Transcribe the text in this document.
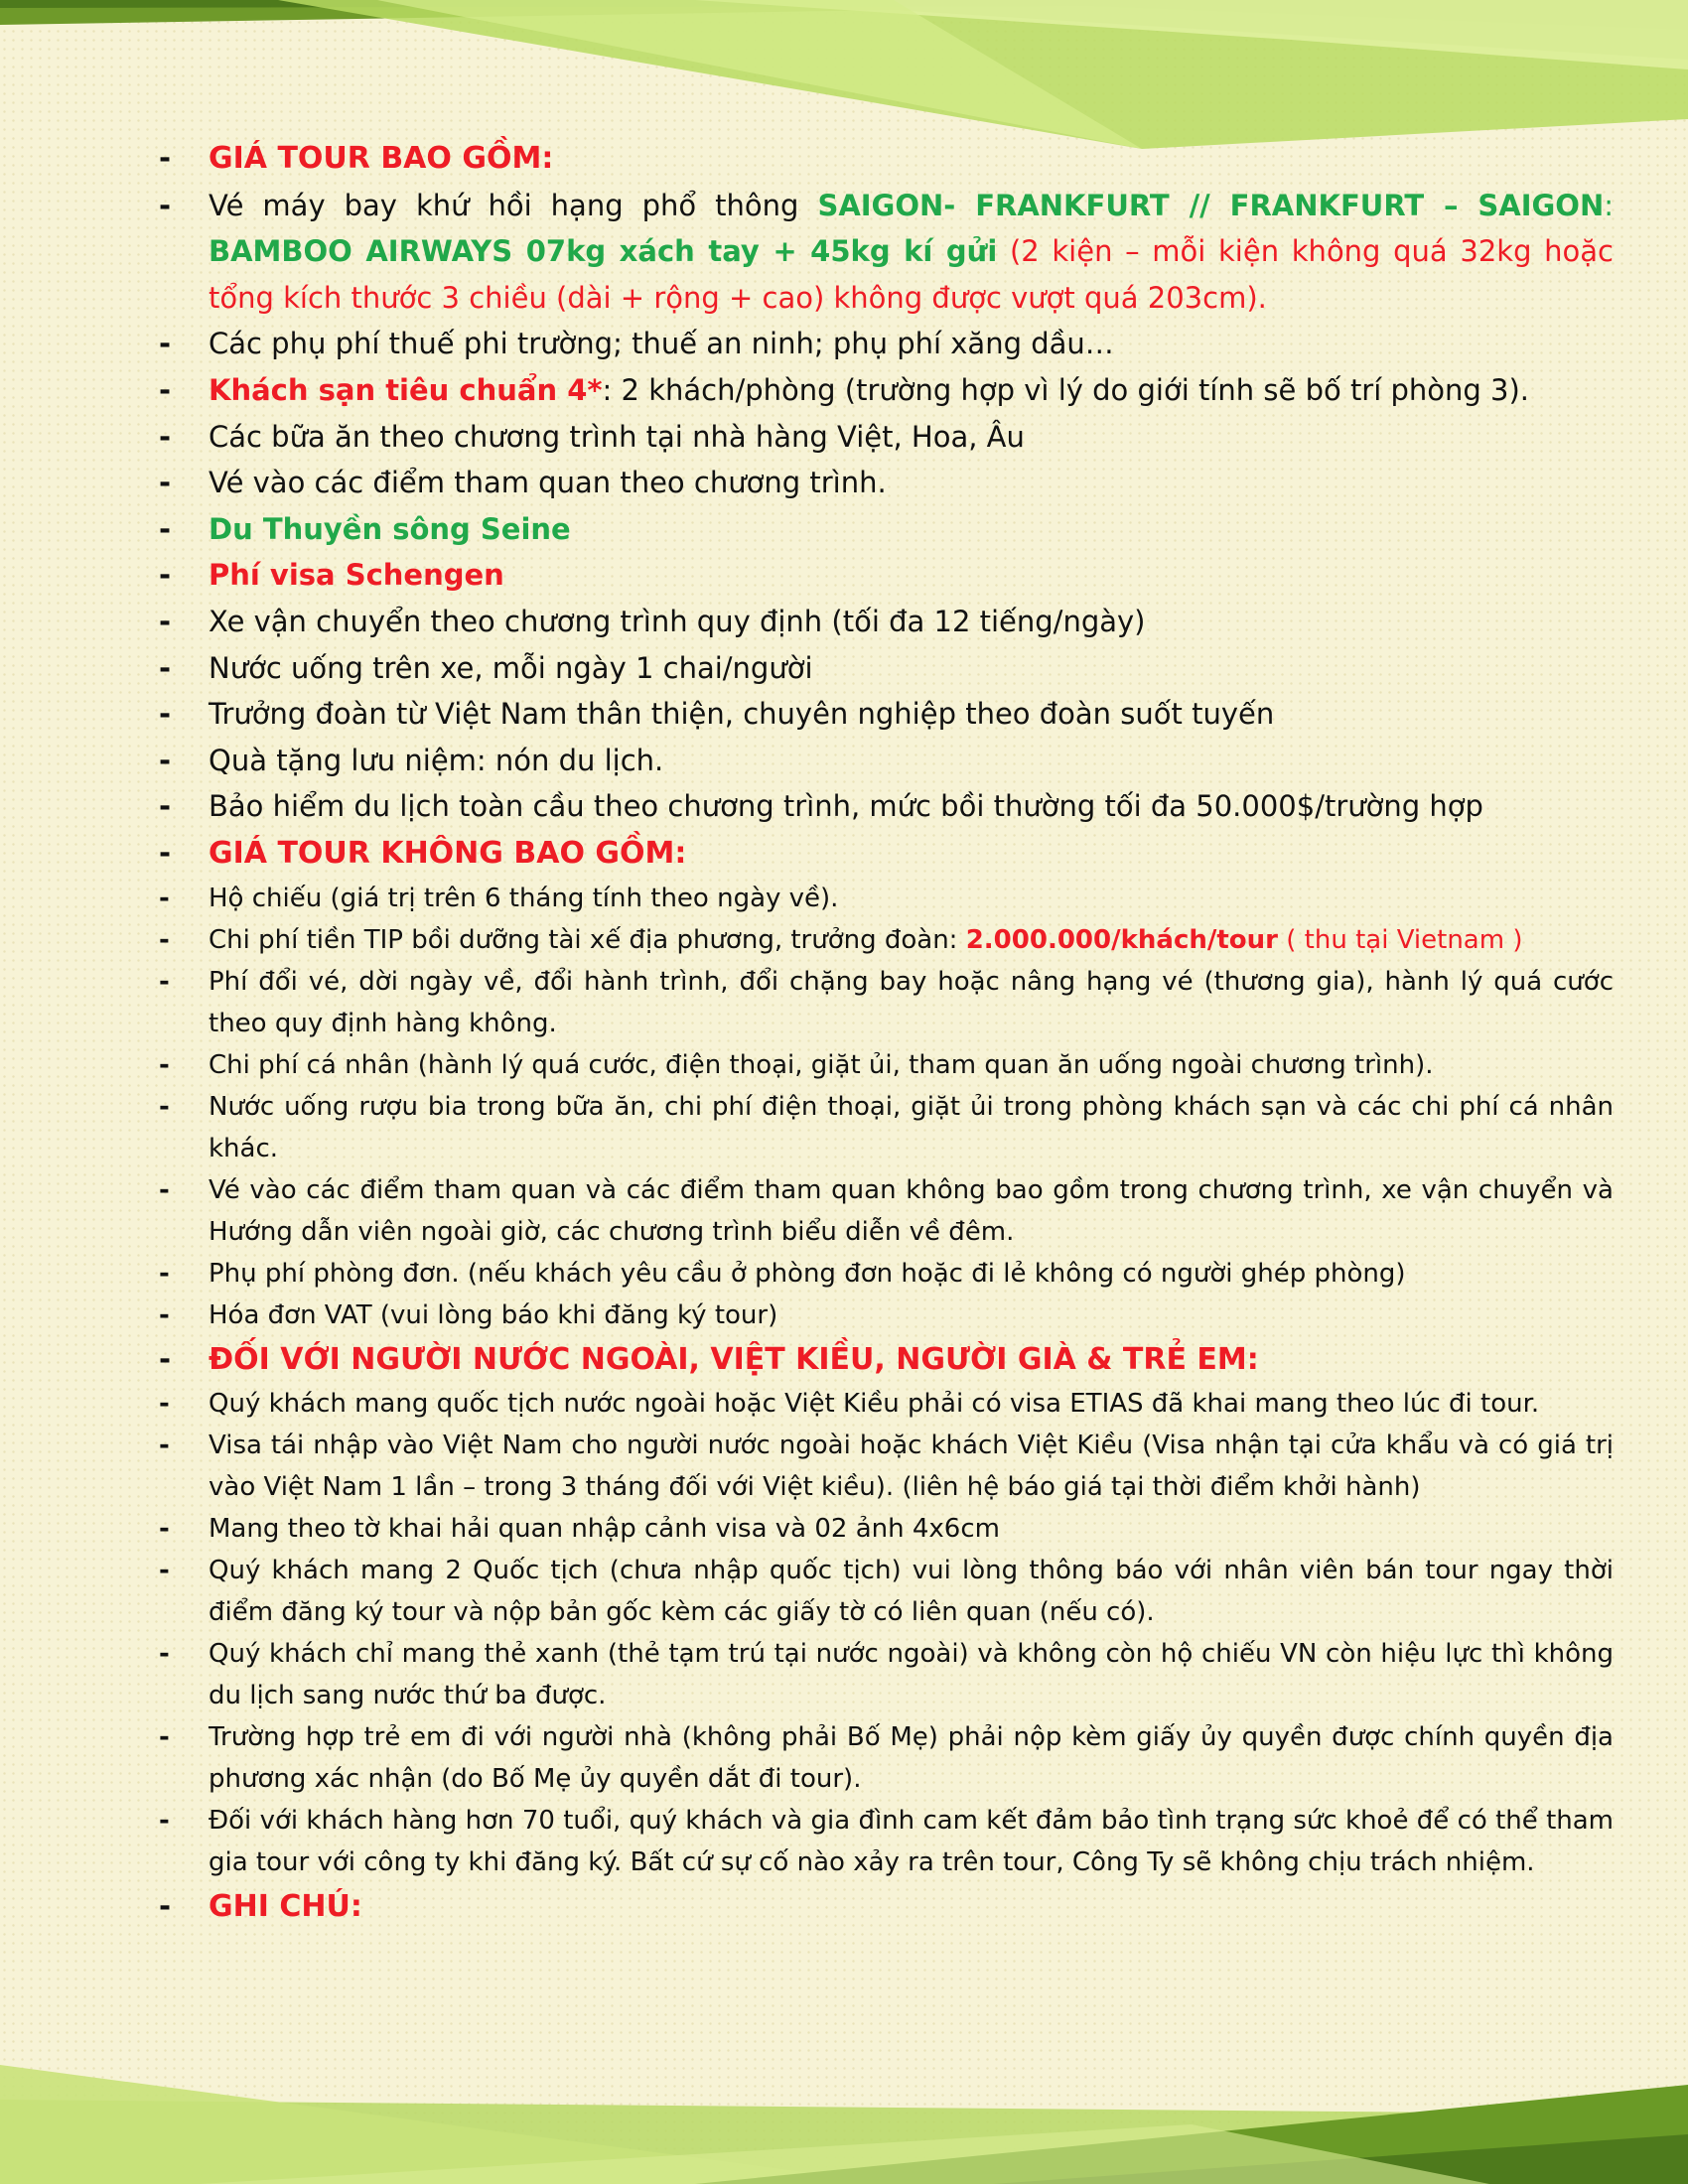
- GIÁ TOUR BAO GỒM:
- Vé máy bay khứ hồi hạng phổ thông SAIGON- FRANKFURT // FRANKFURT – SAIGON: BAMBOO AIRWAYS 07kg xách tay + 45kg kí gửi (2 kiện – mỗi kiện không quá 32kg hoặc tổng kích thước 3 chiều (dài + rộng + cao) không được vượt quá 203cm).
- Các phụ phí thuế phi trường; thuế an ninh; phụ phí xăng dầu…
- Khách sạn tiêu chuẩn 4*: 2 khách/phòng (trường hợp vì lý do giới tính sẽ bố trí phòng 3).
- Các bữa ăn theo chương trình tại nhà hàng Việt, Hoa, Âu
- Vé vào các điểm tham quan theo chương trình.
- Du Thuyền sông Seine
- Phí visa Schengen
- Xe vận chuyển theo chương trình quy định (tối đa 12 tiếng/ngày)
- Nước uống trên xe, mỗi ngày 1 chai/người
- Trưởng đoàn từ Việt Nam thân thiện, chuyên nghiệp theo đoàn suốt tuyến
- Quà tặng lưu niệm: nón du lịch.
- Bảo hiểm du lịch toàn cầu theo chương trình, mức bồi thường tối đa 50.000$/trường hợp
- GIÁ TOUR KHÔNG BAO GỒM:
- Hộ chiếu (giá trị trên 6 tháng tính theo ngày về).
- Chi phí tiền TIP bồi dưỡng tài xế địa phương, trưởng đoàn: 2.000.000/khách/tour ( thu tại Vietnam )
- Phí đổi vé, dời ngày về, đổi hành trình, đổi chặng bay hoặc nâng hạng vé (thương gia), hành lý quá cước theo quy định hàng không.
- Chi phí cá nhân (hành lý quá cước, điện thoại, giặt ủi, tham quan ăn uống ngoài chương trình).
- Nước uống rượu bia trong bữa ăn, chi phí điện thoại, giặt ủi trong phòng khách sạn và các chi phí cá nhân khác.
- Vé vào các điểm tham quan và các điểm tham quan không bao gồm trong chương trình, xe vận chuyển và Hướng dẫn viên ngoài giờ, các chương trình biểu diễn về đêm.
- Phụ phí phòng đơn. (nếu khách yêu cầu ở phòng đơn hoặc đi lẻ không có người ghép phòng)
- Hóa đơn VAT (vui lòng báo khi đăng ký tour)
- ĐỐI VỚI NGƯỜI NƯỚC NGOÀI, VIỆT KIỀU, NGƯỜI GIÀ & TRẺ EM:
- Quý khách mang quốc tịch nước ngoài hoặc Việt Kiều phải có visa ETIAS đã khai mang theo lúc đi tour.
- Visa tái nhập vào Việt Nam cho người nước ngoài hoặc khách Việt Kiều (Visa nhận tại cửa khẩu và có giá trị vào Việt Nam 1 lần – trong 3 tháng đối với Việt kiều). (liên hệ báo giá tại thời điểm khởi hành)
- Mang theo tờ khai hải quan nhập cảnh visa và 02 ảnh 4x6cm
- Quý khách mang 2 Quốc tịch (chưa nhập quốc tịch) vui lòng thông báo với nhân viên bán tour ngay thời điểm đăng ký tour và nộp bản gốc kèm các giấy tờ có liên quan (nếu có).
- Quý khách chỉ mang thẻ xanh (thẻ tạm trú tại nước ngoài) và không còn hộ chiếu VN còn hiệu lực thì không du lịch sang nước thứ ba được.
- Trường hợp trẻ em đi với người nhà (không phải Bố Mẹ) phải nộp kèm giấy ủy quyền được chính quyền địa phương xác nhận (do Bố Mẹ ủy quyền dắt đi tour).
- Đối với khách hàng hơn 70 tuổi, quý khách và gia đình cam kết đảm bảo tình trạng sức khoẻ để có thể tham gia tour với công ty khi đăng ký. Bất cứ sự cố nào xảy ra trên tour, Công Ty sẽ không chịu trách nhiệm.
- GHI CHÚ:
